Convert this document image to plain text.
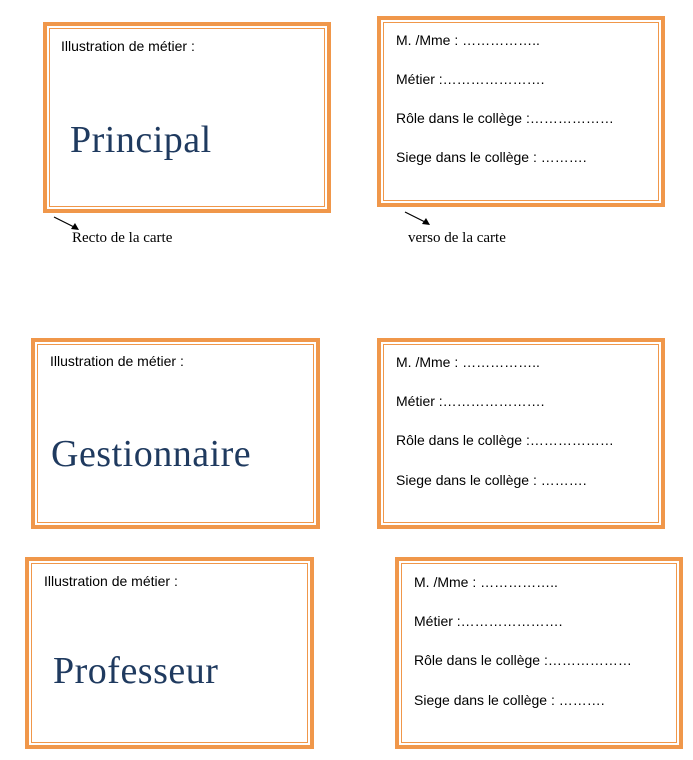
Illustration de métier :
Principal
M. /Mme : ……………..
Métier :………………….
Rôle dans le collège :………………
Siege dans le collège : ……….
Recto de la carte	verso de la carte
Illustration de métier :
Gestionnaire
M. /Mme : ……………..
Métier :………………….
Rôle dans le collège :………………
Siege dans le collège : ……….
Illustration de métier :
Professeur
M. /Mme : ……………..
Métier :………………….
Rôle dans le collège :………………
Siege dans le collège : ……….
